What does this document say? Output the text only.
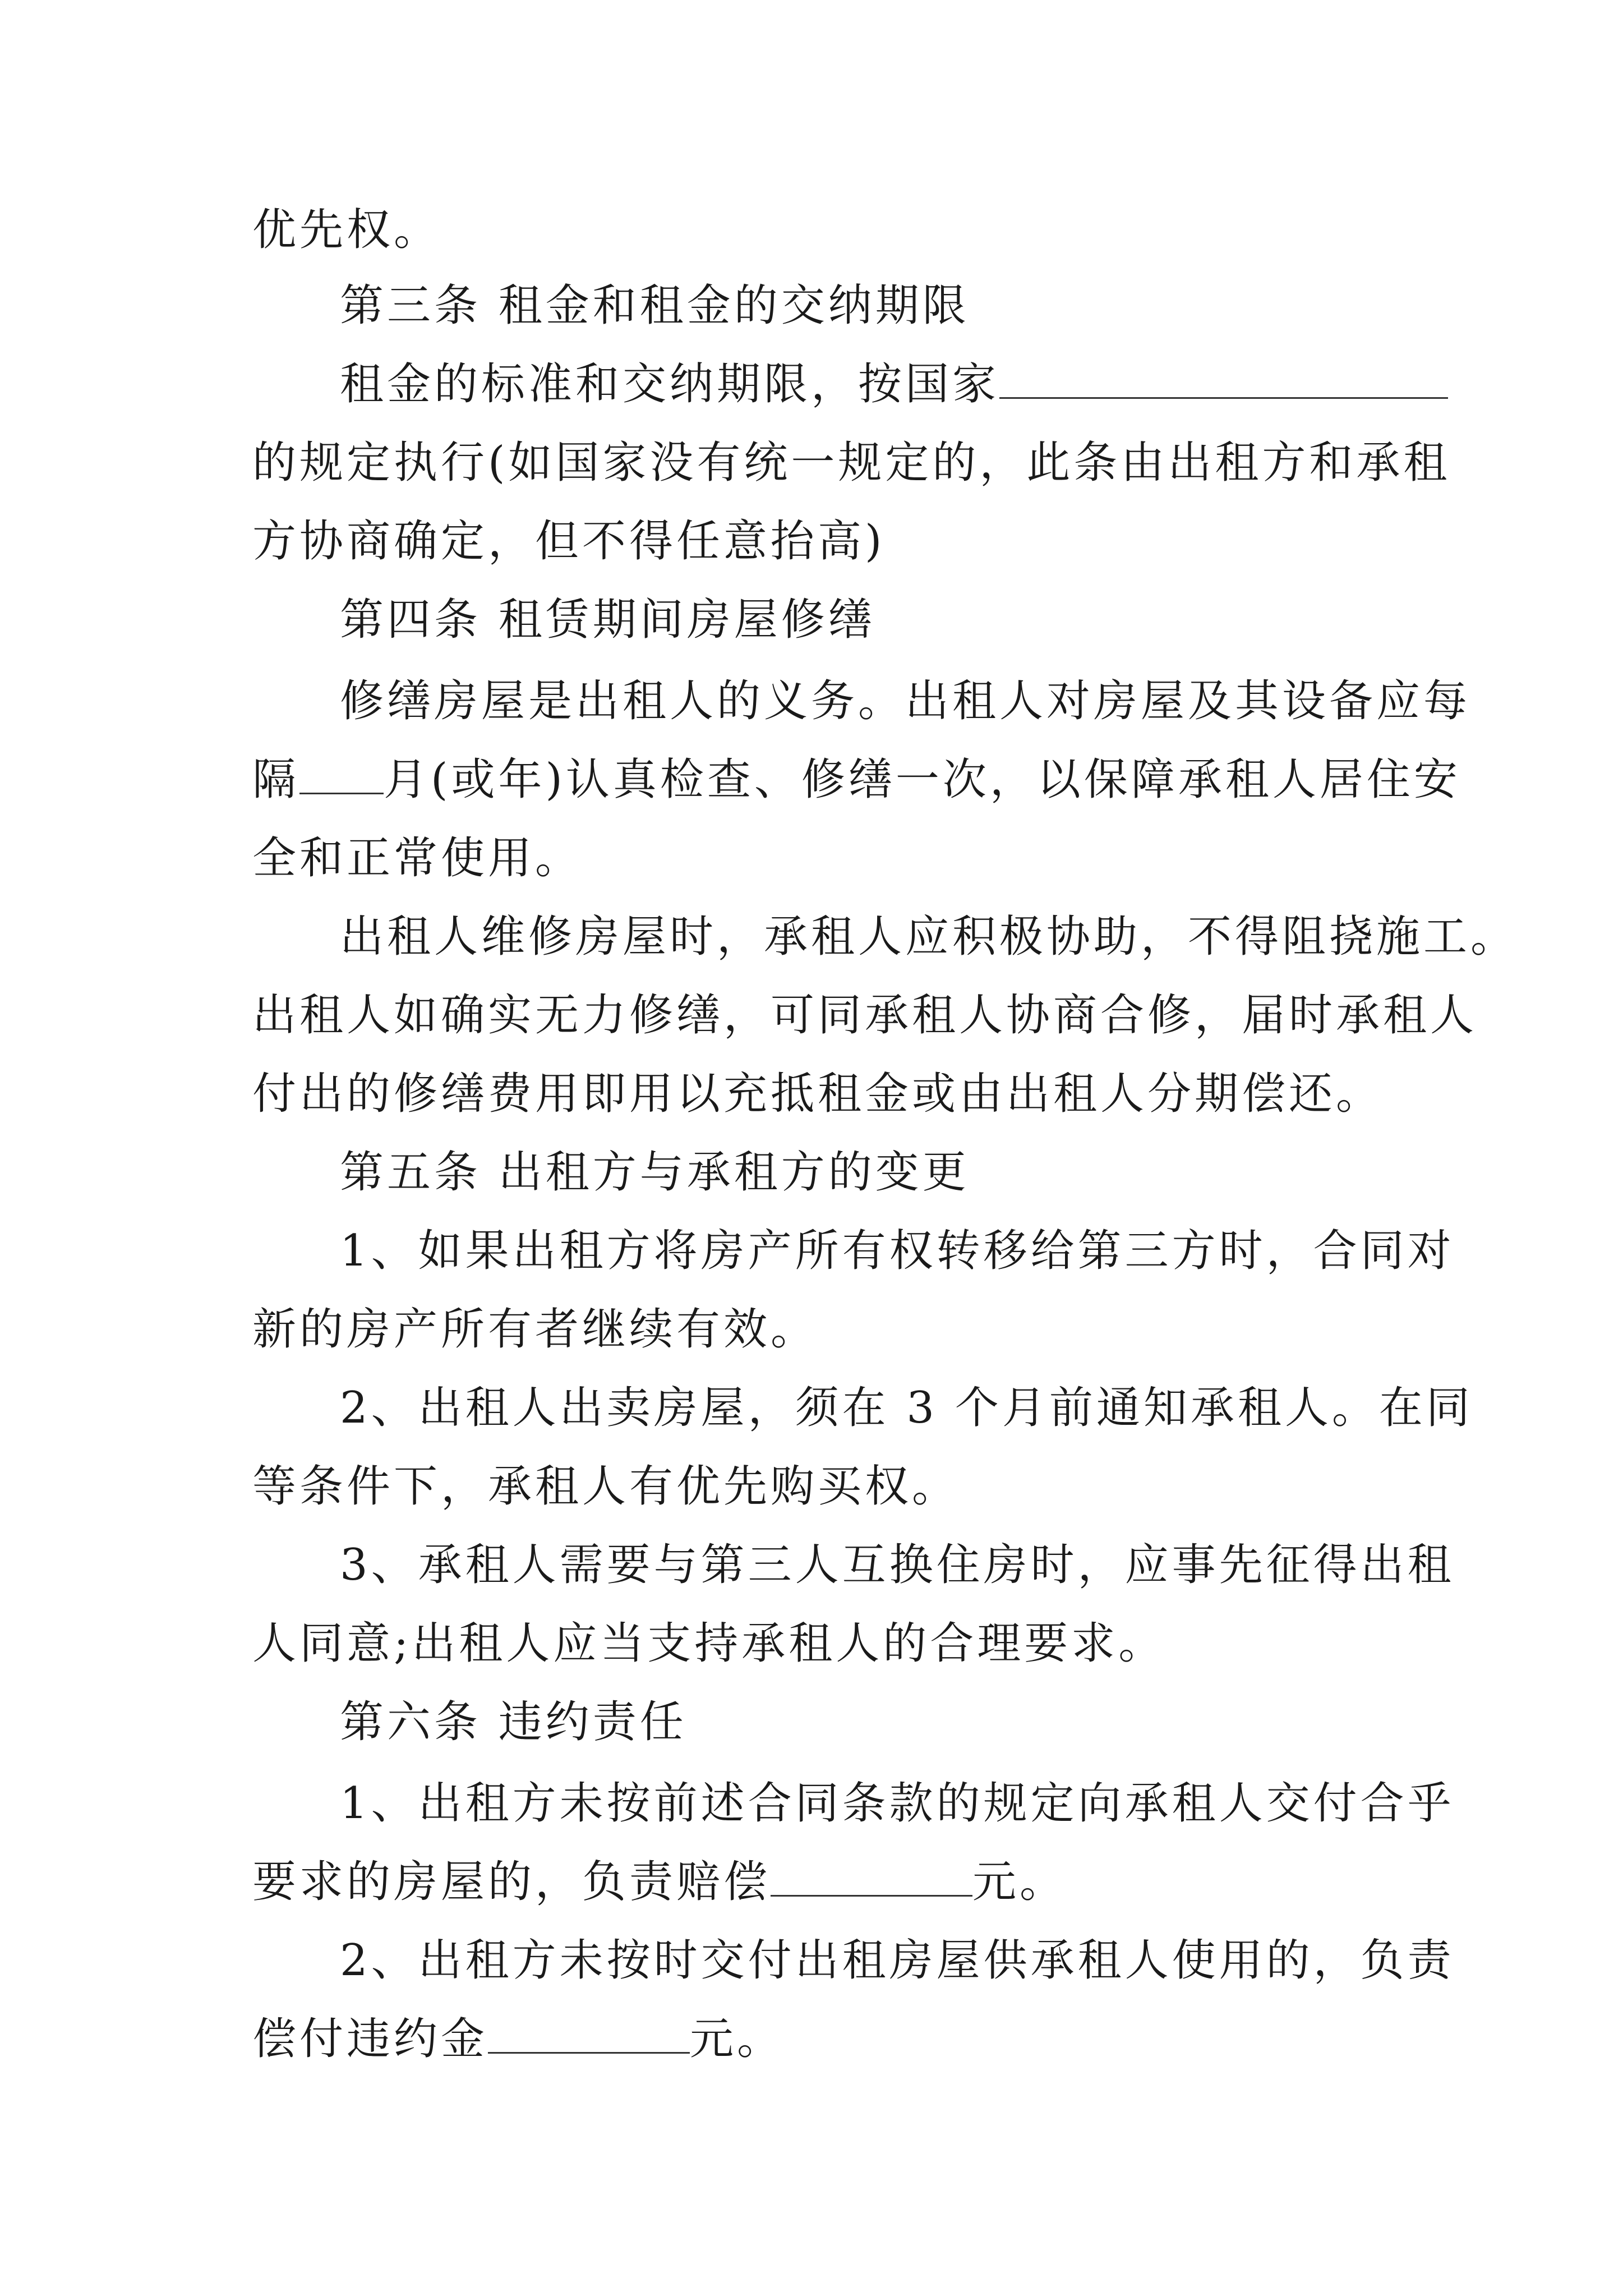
优先权。
第三条 租金和租金的交纳期限
租金的标准和交纳期限，按国家
的规定执行(如国家没有统一规定的，此条由出租方和承租
方协商确定，但不得任意抬高)
第四条 租赁期间房屋修缮
修缮房屋是出租人的义务。出租人对房屋及其设备应每
隔 月(或年)认真检查、修缮一次，以保障承租人居住安
全和正常使用。
出租人维修房屋时，承租人应积极协助，不得阻挠施工。
出租人如确实无力修缮，可同承租人协商合修，届时承租人
付出的修缮费用即用以充抵租金或由出租人分期偿还。
第五条 出租方与承租方的变更
1、如果出租方将房产所有权转移给第三方时，合同对
新的房产所有者继续有效。
2、出租人出卖房屋，须在 3 个月前通知承租人。在同
等条件下，承租人有优先购买权。
3、承租人需要与第三人互换住房时，应事先征得出租
人同意;出租人应当支持承租人的合理要求。
第六条 违约责任
1、出租方未按前述合同条款的规定向承租人交付合乎
要求的房屋的，负责赔偿	元。
2、出租方未按时交付出租房屋供承租人使用的，负责
偿付违约金	元。
